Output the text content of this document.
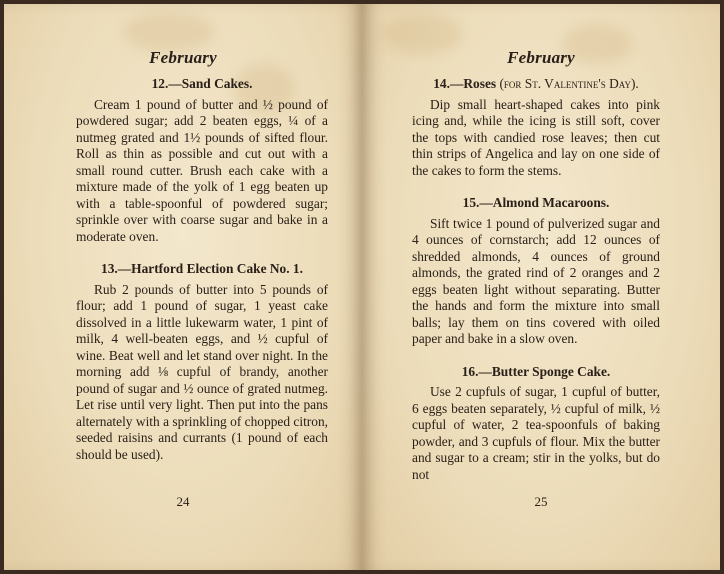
February
12.—Sand Cakes.

Cream 1 pound of butter and ½ pound of powdered sugar; add 2 beaten eggs, ¼ of a nutmeg grated and 1½ pounds of sifted flour. Roll as thin as possible and cut out with a small round cutter. Brush each cake with a mixture made of the yolk of 1 egg beaten up with a table-spoonful of powdered sugar; sprinkle over with coarse sugar and bake in a moderate oven.

13.—Hartford Election Cake No. 1.

Rub 2 pounds of butter into 5 pounds of flour; add 1 pound of sugar, 1 yeast cake dissolved in a little lukewarm water, 1 pint of milk, 4 well-beaten eggs, and ½ cupful of wine. Beat well and let stand over night. In the morning add ⅛ cupful of brandy, another pound of sugar and ½ ounce of grated nutmeg. Let rise until very light. Then put into the pans alternately with a sprinkling of chopped citron, seeded raisins and currants (1 pound of each should be used).

24
February
14.—Roses (for St. Valentine's Day).

Dip small heart-shaped cakes into pink icing and, while the icing is still soft, cover the tops with candied rose leaves; then cut thin strips of Angelica and lay on one side of the cakes to form the stems.

15.—Almond Macaroons.

Sift twice 1 pound of pulverized sugar and 4 ounces of cornstarch; add 12 ounces of shredded almonds, 4 ounces of ground almonds, the grated rind of 2 oranges and 2 eggs beaten light without separating. Butter the hands and form the mixture into small balls; lay them on tins covered with oiled paper and bake in a slow oven.

16.—Butter Sponge Cake.

Use 2 cupfuls of sugar, 1 cupful of butter, 6 eggs beaten separately, ½ cupful of milk, ½ cupful of water, 2 tea-spoonfuls of baking powder, and 3 cupfuls of flour. Mix the butter and sugar to a cream; stir in the yolks, but do not

25
